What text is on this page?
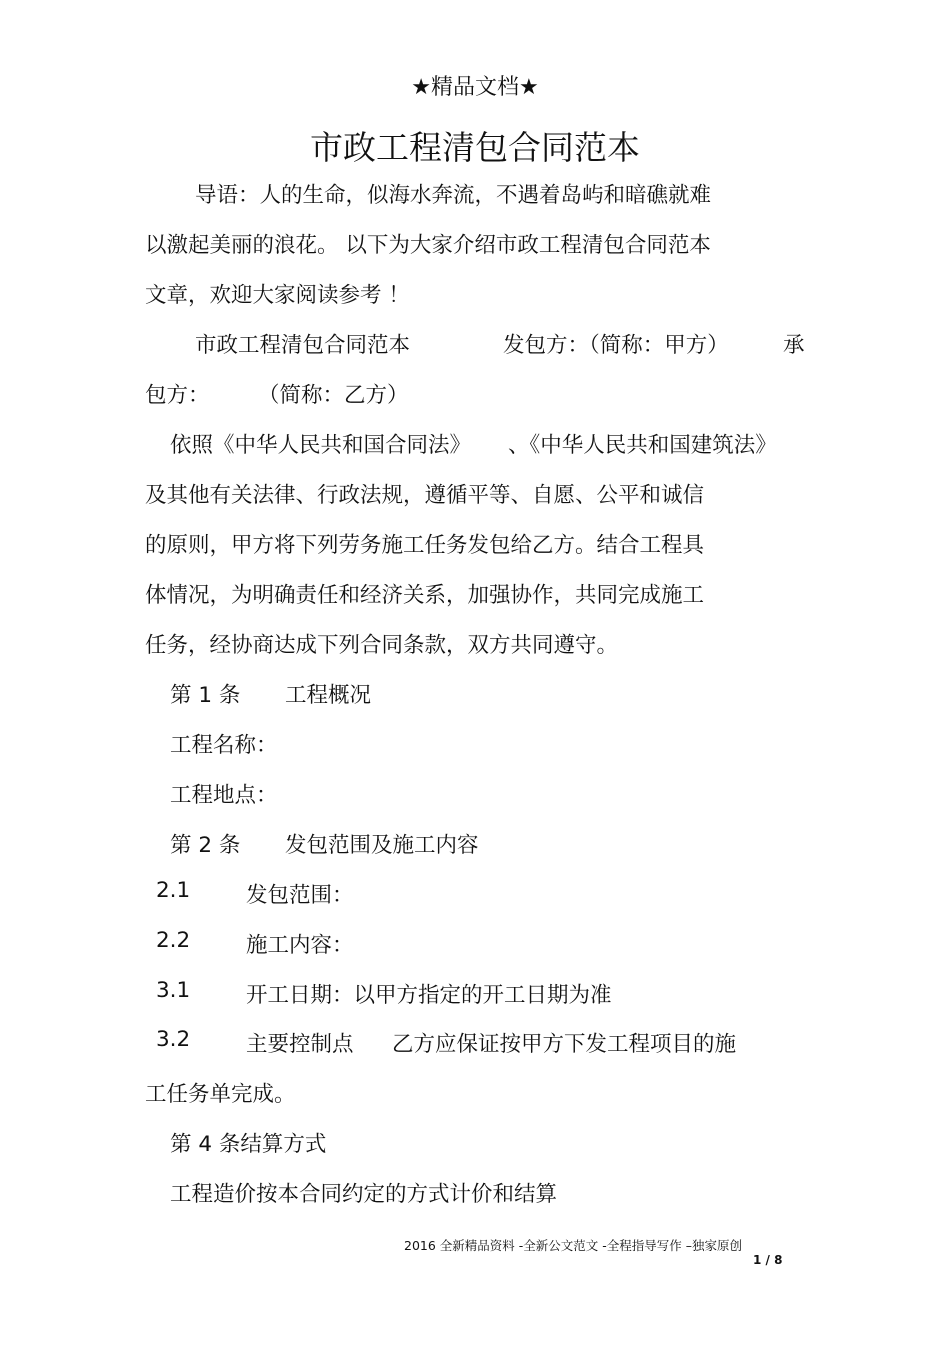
★精品文档★
市政工程清包合同范本
导语：人的生命，似海水奔流，不遇着岛屿和暗礁就难
以激起美丽的浪花。 以下为大家介绍市政工程清包合同范本
文章，欢迎大家阅读参考 ！
市政工程清包合同范本	发包方：（简称：甲方）	承
包方： （简称：乙方）
依照《中华人民共和国合同法》 、《中华人民共和国建筑法》
及其他有关法律、行政法规，遵循平等、自愿、公平和诚信
的原则，甲方将下列劳务施工任务发包给乙方。结合工程具
体情况，为明确责任和经济关系，加强协作，共同完成施工
任务，经协商达成下列合同条款，双方共同遵守。
第 1 条 工程概况
工程名称：
工程地点：
第 2 条 发包范围及施工内容
2.1	发包范围：
2.2	施工内容：
3.1	开工日期：以甲方指定的开工日期为准
3.2	主要控制点 乙方应保证按甲方下发工程项目的施
工任务单完成。
第 4 条结算方式
工程造价按本合同约定的方式计价和结算
2016 全新精品资料 -全新公文范文 -全程指导写作 –独家原创
1 / 8
